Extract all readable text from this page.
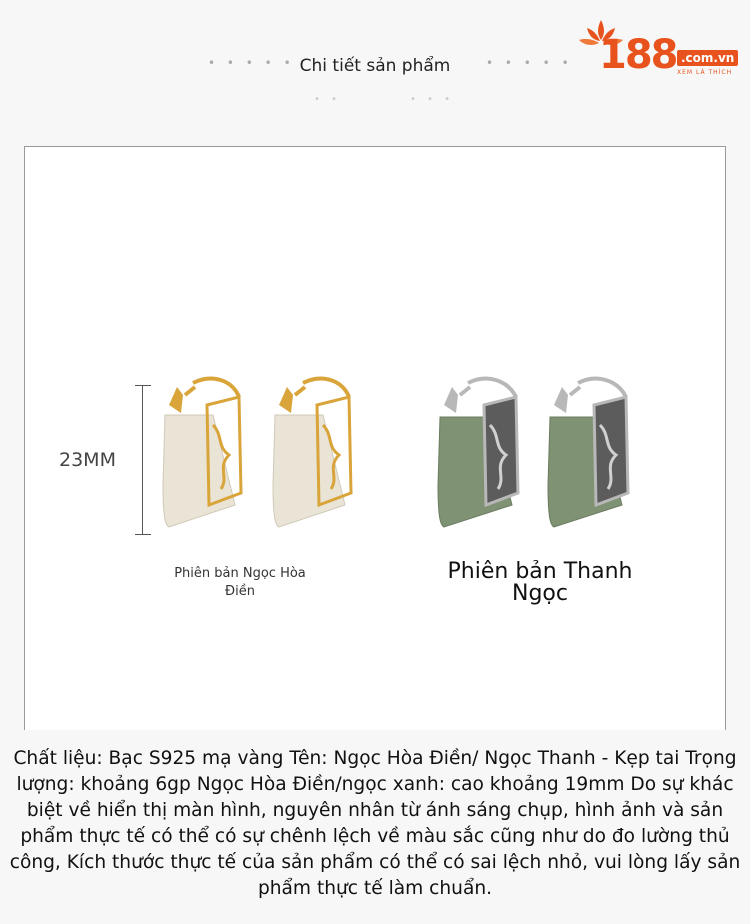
• • • • • Chi tiết sản phẩm	• • • • •
• •	• • •
188 .com.vn
XEM LÀ THÍCH
23MM
Phiên bản Ngọc Hòa Điền
Phiên bản Thanh Ngọc
Chất liệu: Bạc S925 mạ vàng Tên: Ngọc Hòa Điền/ Ngọc Thanh - Kẹp tai Trọng lượng: khoảng 6gp Ngọc Hòa Điền/ngọc xanh: cao khoảng 19mm Do sự khác biệt về hiển thị màn hình, nguyên nhân từ ánh sáng chụp, hình ảnh và sản phẩm thực tế có thể có sự chênh lệch về màu sắc cũng như do đo lường thủ công, Kích thước thực tế của sản phẩm có thể có sai lệch nhỏ, vui lòng lấy sản phẩm thực tế làm chuẩn.
